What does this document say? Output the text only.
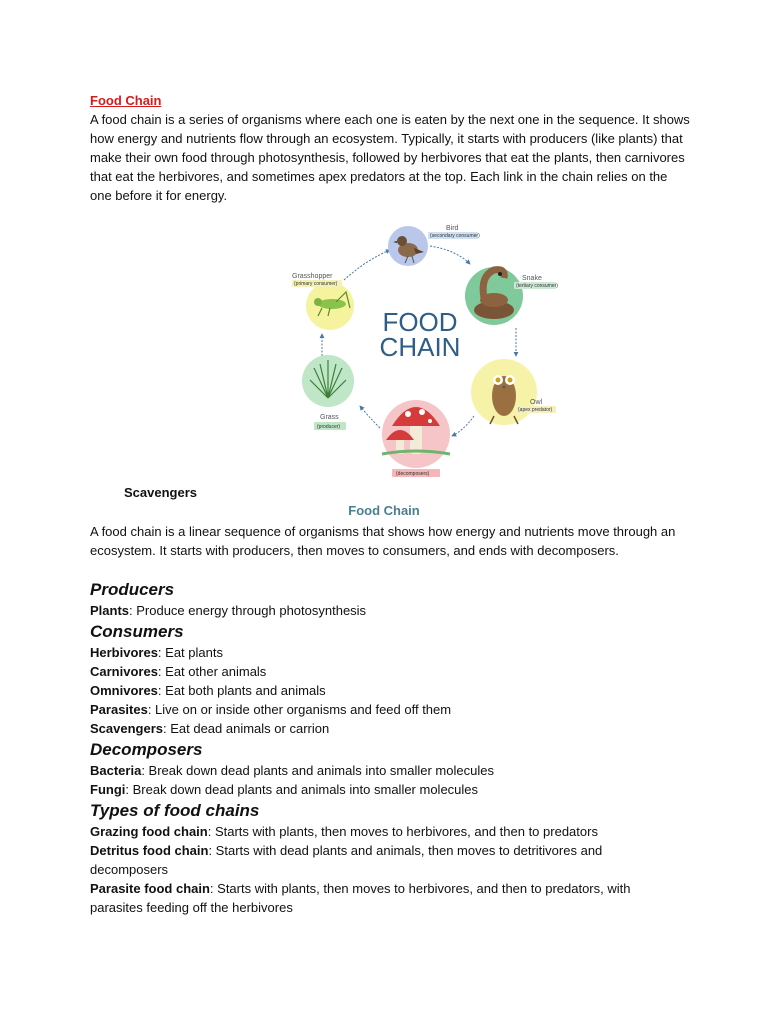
Food Chain

A food chain is a series of organisms where each one is eaten by the next one in the sequence. It shows how energy and nutrients flow through an ecosystem. Typically, it starts with producers (like plants) that make their own food through photosynthesis, followed by herbivores that eat the plants, then carnivores that eat the herbivores, and sometimes apex predators at the top. Each link in the chain relies on the one before it for energy.

FOOD
CHAIN
Bird
(secondary consumer)
Snake
(tertiary consumer)
Owl
(apex predator)
(decomposers)
Grass
(producer)
Grasshopper
(primary consumer)
Scavengers
Food Chain

A food chain is a linear sequence of organisms that shows how energy and nutrients move through an ecosystem. It starts with producers, then moves to consumers, and ends with decomposers.

Producers

Plants: Produce energy through photosynthesis

Consumers

Herbivores: Eat plants

Carnivores: Eat other animals

Omnivores: Eat both plants and animals

Parasites: Live on or inside other organisms and feed off them

Scavengers: Eat dead animals or carrion

Decomposers

Bacteria: Break down dead plants and animals into smaller molecules

Fungi: Break down dead plants and animals into smaller molecules

Types of food chains

Grazing food chain: Starts with plants, then moves to herbivores, and then to predators

Detritus food chain: Starts with dead plants and animals, then moves to detritivores and decomposers

Parasite food chain: Starts with plants, then moves to herbivores, and then to predators, with parasites feeding off the herbivores
